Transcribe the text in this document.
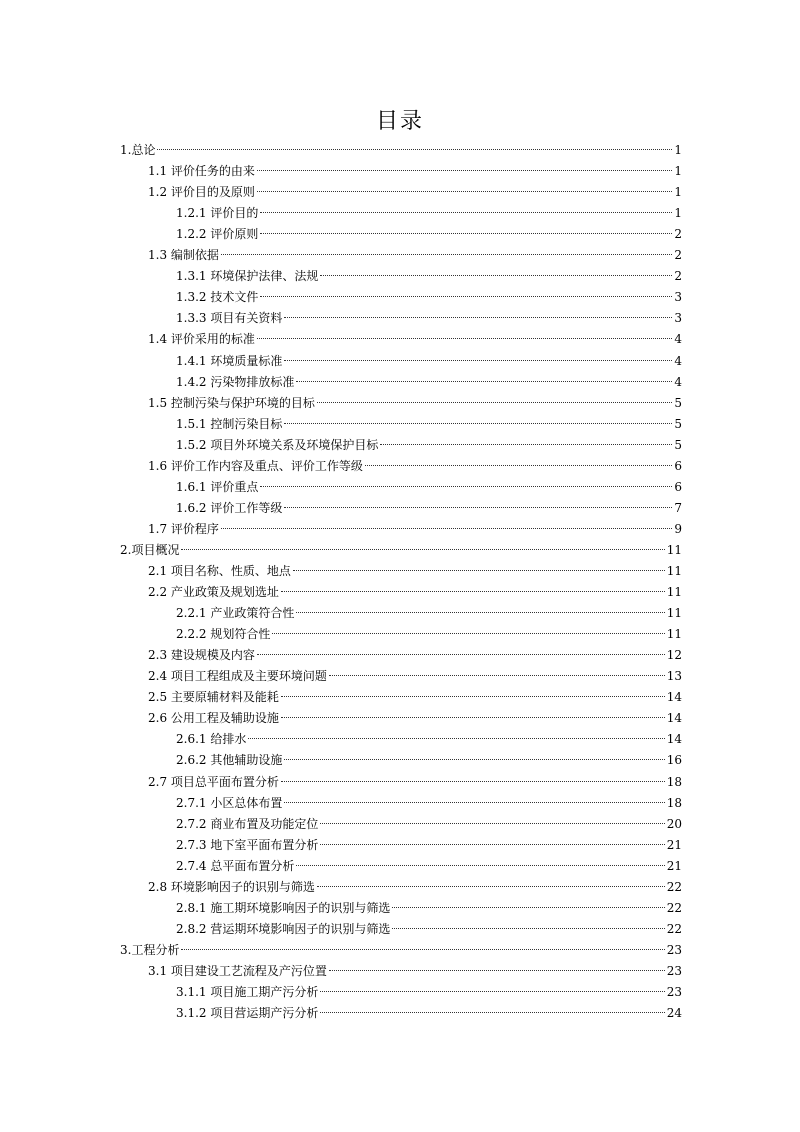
目录
1.总论	1
1.1 评价任务的由来	1
1.2 评价目的及原则	1
1.2.1 评价目的	1
1.2.2 评价原则	2
1.3 编制依据	2
1.3.1 环境保护法律、法规	2
1.3.2 技术文件	3
1.3.3 项目有关资料	3
1.4 评价采用的标准	4
1.4.1 环境质量标准	4
1.4.2 污染物排放标准	4
1.5 控制污染与保护环境的目标	5
1.5.1 控制污染目标	5
1.5.2 项目外环境关系及环境保护目标	5
1.6 评价工作内容及重点、评价工作等级	6
1.6.1 评价重点	6
1.6.2 评价工作等级	7
1.7 评价程序	9
2.项目概况	11
2.1 项目名称、性质、地点	11
2.2 产业政策及规划选址	11
2.2.1 产业政策符合性	11
2.2.2 规划符合性	11
2.3 建设规模及内容	12
2.4 项目工程组成及主要环境问题	13
2.5 主要原辅材料及能耗	14
2.6 公用工程及辅助设施	14
2.6.1 给排水	14
2.6.2 其他辅助设施	16
2.7 项目总平面布置分析	18
2.7.1 小区总体布置	18
2.7.2 商业布置及功能定位	20
2.7.3 地下室平面布置分析	21
2.7.4 总平面布置分析	21
2.8 环境影响因子的识别与筛选	22
2.8.1 施工期环境影响因子的识别与筛选	22
2.8.2 营运期环境影响因子的识别与筛选	22
3.工程分析	23
3.1 项目建设工艺流程及产污位置	23
3.1.1 项目施工期产污分析	23
3.1.2 项目营运期产污分析	24
